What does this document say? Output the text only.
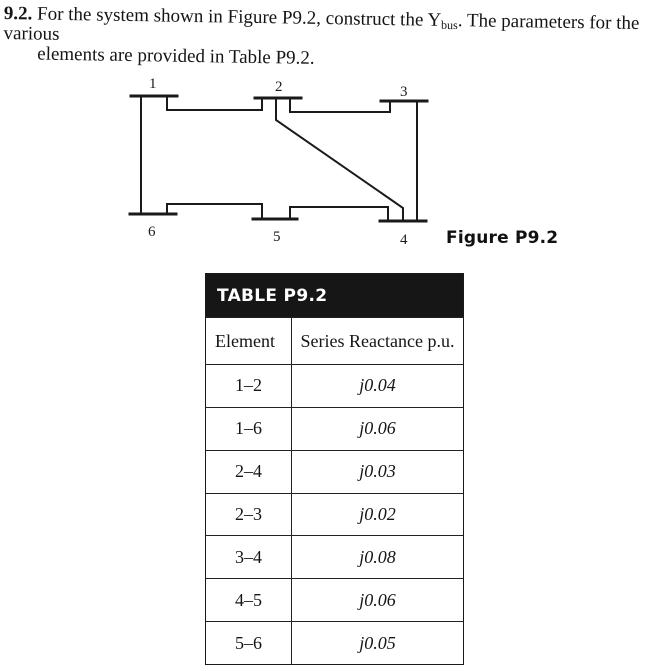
9.2. For the system shown in Figure P9.2, construct the $Y_{bus}$. The parameters for the various
elements are provided in Table P9.2.
1	2	3
6	5	4 Figure P9.2
TABLE P9.2
Element	Series Reactance p.u.
1–2	j0.04
1–6	j0.06
2–4	j0.03
2–3	j0.02
3–4	j0.08
4–5	j0.06
5–6	j0.05
